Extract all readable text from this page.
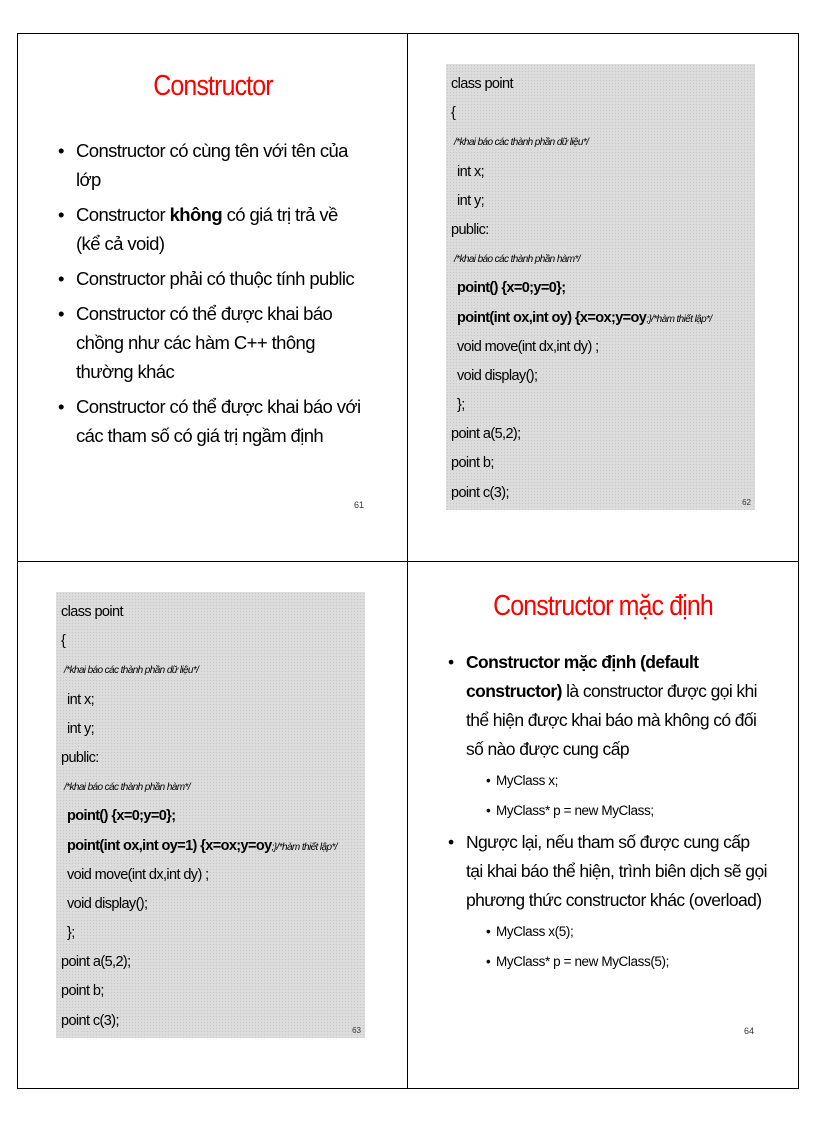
Constructor
• Constructor có cùng tên với tên của lớp
• Constructor không có giá trị trả về (kể cả void)
• Constructor phải có thuộc tính public
• Constructor có thể được khai báo chồng như các hàm C++ thông thường khác
• Constructor có thể được khai báo với các tham số có giá trị ngầm định
61
class point
{
/*khai báo các thành phần dữ liệu*/
int x;
int y;
public:
/*khai báo các thành phần hàm*/
point() {x=0;y=0};
point(int ox,int oy) {x=ox;y=oy;}/*hàm thiết lập*/
void move(int dx,int dy) ;
void display();
};
point a(5,2);
point b;
point c(3);
62
class point
{
/*khai báo các thành phần dữ liệu*/
int x;
int y;
public:
/*khai báo các thành phần hàm*/
point() {x=0;y=0};
point(int ox,int oy=1) {x=ox;y=oy;}/*hàm thiết lập*/
void move(int dx,int dy) ;
void display();
};
point a(5,2);
point b;
point c(3);
63
Constructor mặc định
• Constructor mặc định (default constructor) là constructor được gọi khi thể hiện được khai báo mà không có đối số nào được cung cấp
• MyClass x;
• MyClass* p = new MyClass;
• Ngược lại, nếu tham số được cung cấp tại khai báo thể hiện, trình biên dịch sẽ gọi phương thức constructor khác (overload)
• MyClass x(5);
• MyClass* p = new MyClass(5);
64
